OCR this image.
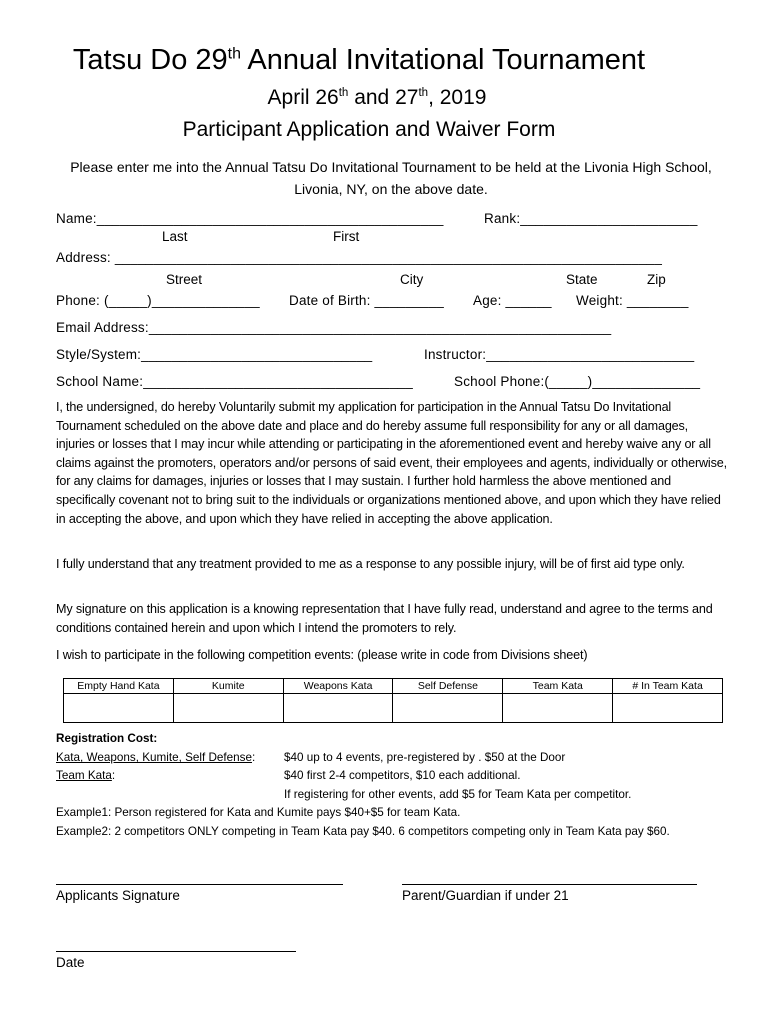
Tatsu Do 29th Annual Invitational Tournament
April 26th and 27th, 2019
Participant Application and Waiver Form
Please enter me into the Annual Tatsu Do Invitational Tournament to be held at the Livonia High School, Livonia, NY, on the above date.
Name:_____________________________________________	Rank:_______________________
Last	First
Address: _______________________________________________________________________
Street	City	State	Zip
Phone: (_____)______________ Date of Birth: _________ Age: ______ Weight: ________
Email Address:____________________________________________________________
Style/System:______________________________	Instructor:___________________________
School Name:___________________________________	School Phone:(_____)______________
I, the undersigned, do hereby Voluntarily submit my application for participation in the Annual Tatsu Do Invitational Tournament scheduled on the above date and place and do hereby assume full responsibility for any or all damages, injuries or losses that I may incur while attending or participating in the aforementioned event and hereby waive any or all claims against the promoters, operators and/or persons of said event, their employees and agents, individually or otherwise, for any claims for damages, injuries or losses that I may sustain. I further hold harmless the above mentioned and specifically covenant not to bring suit to the individuals or organizations mentioned above, and upon which they have relied in accepting the above, and upon which they have relied in accepting the above application.
I fully understand that any treatment provided to me as a response to any possible injury, will be of first aid type only.
My signature on this application is a knowing representation that I have fully read, understand and agree to the terms and conditions contained herein and upon which I intend the promoters to rely.
I wish to participate in the following competition events: (please write in code from Divisions sheet)
Empty Hand Kata	Kumite	Weapons Kata	Self Defense	Team Kata	# In Team Kata

Registration Cost:
Kata, Weapons, Kumite, Self Defense: $40 up to 4 events, pre-registered by . $50 at the Door
Team Kata:	$40 first 2-4 competitors, $10 each additional.
If registering for other events, add $5 for Team Kata per competitor.
Example1: Person registered for Kata and Kumite pays $40+$5 for team Kata.
Example2: 2 competitors ONLY competing in Team Kata pay $40. 6 competitors competing only in Team Kata pay $60.
Applicants Signature	Parent/Guardian if under 21
Date
